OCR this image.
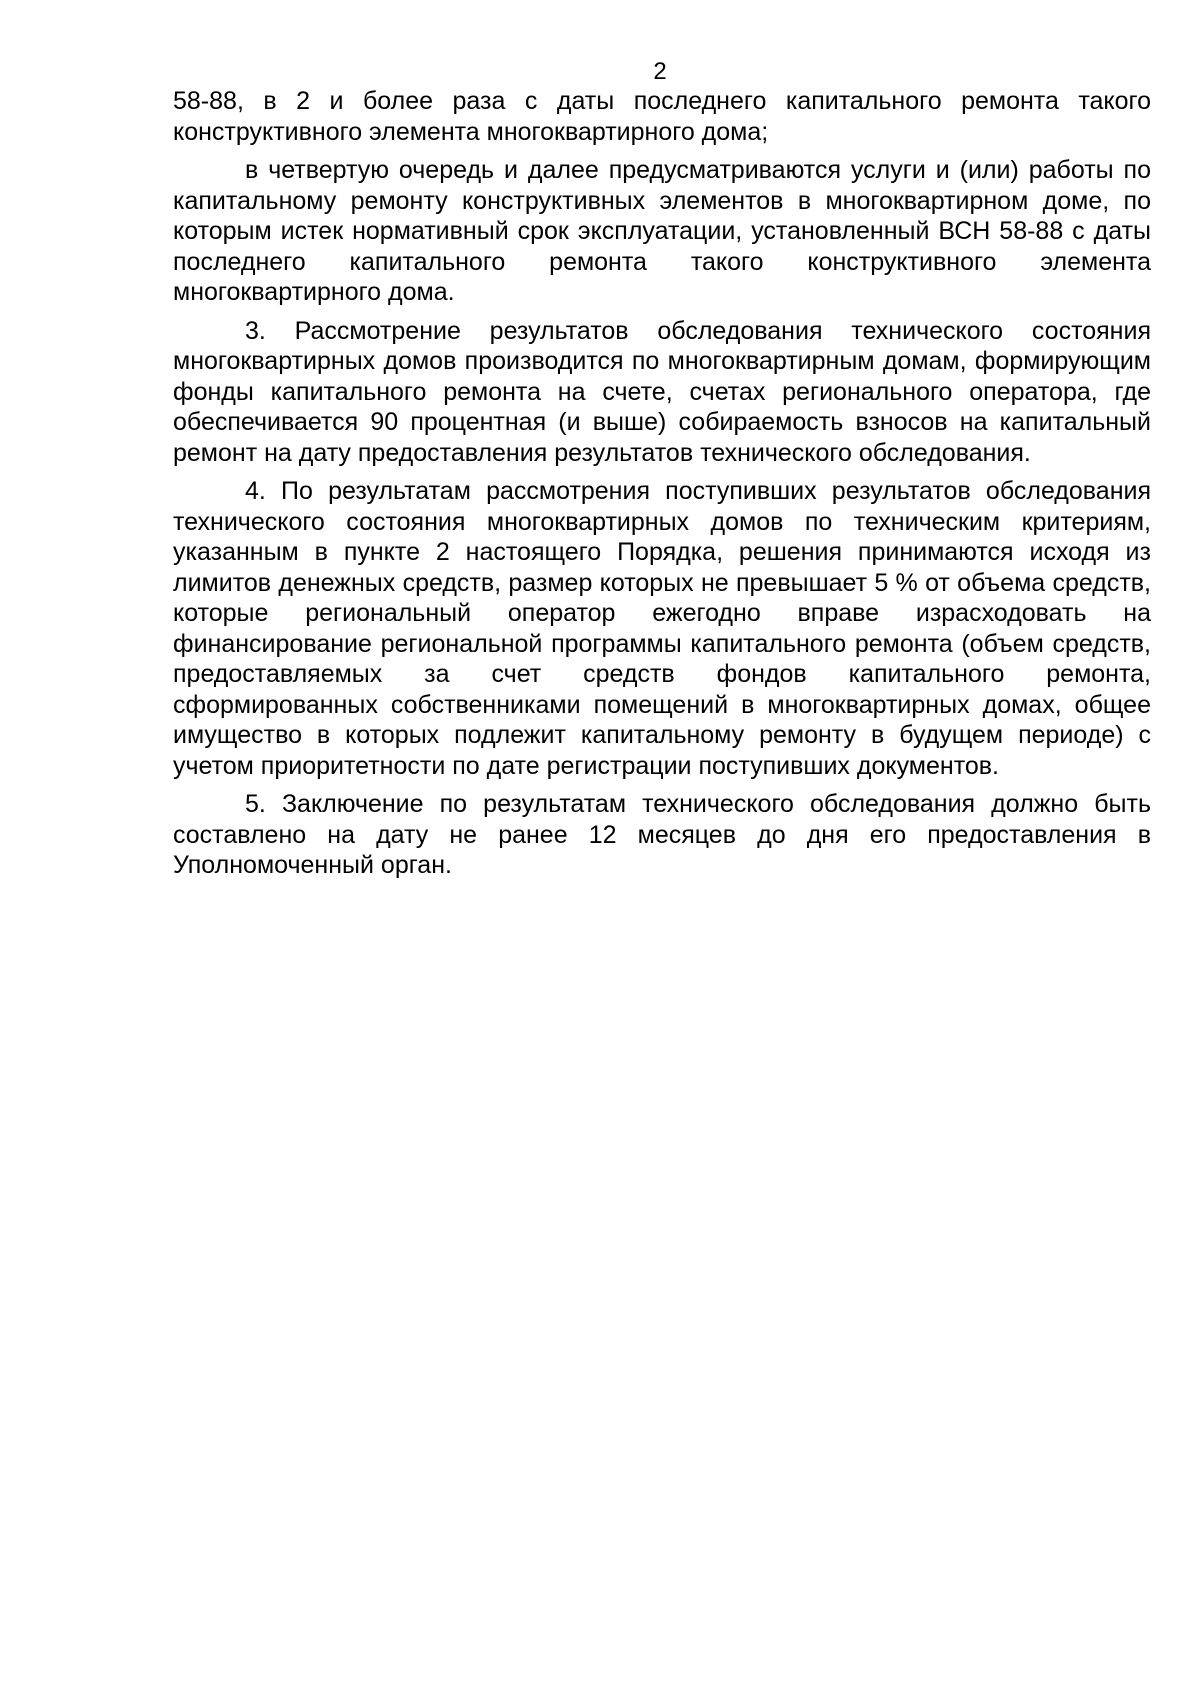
2

58-88, в 2 и более раза с даты последнего капитального ремонта такого конструктивного элемента многоквартирного дома;

в четвертую очередь и далее предусматриваются услуги и (или) работы по капитальному ремонту конструктивных элементов в многоквартирном доме, по которым истек нормативный срок эксплуатации, установленный ВСН 58-88 с даты последнего капитального ремонта такого конструктивного элемента многоквартирного дома.

3. Рассмотрение результатов обследования технического состояния многоквартирных домов производится по многоквартирным домам, формирующим фонды капитального ремонта на счете, счетах регионального оператора, где обеспечивается 90 процентная (и выше) собираемость взносов на капитальный ремонт на дату предоставления результатов технического обследования.

4. По результатам рассмотрения поступивших результатов обследования технического состояния многоквартирных домов по техническим критериям, указанным в пункте 2 настоящего Порядка, решения принимаются исходя из лимитов денежных средств, размер которых не превышает 5 % от объема средств, которые региональный оператор ежегодно вправе израсходовать на финансирование региональной программы капитального ремонта (объем средств, предоставляемых за счет средств фондов капитального ремонта, сформированных собственниками помещений в многоквартирных домах, общее имущество в которых подлежит капитальному ремонту в будущем периоде) с учетом приоритетности по дате регистрации поступивших документов.

5. Заключение по результатам технического обследования должно быть составлено на дату не ранее 12 месяцев до дня его предоставления в Уполномоченный орган.
